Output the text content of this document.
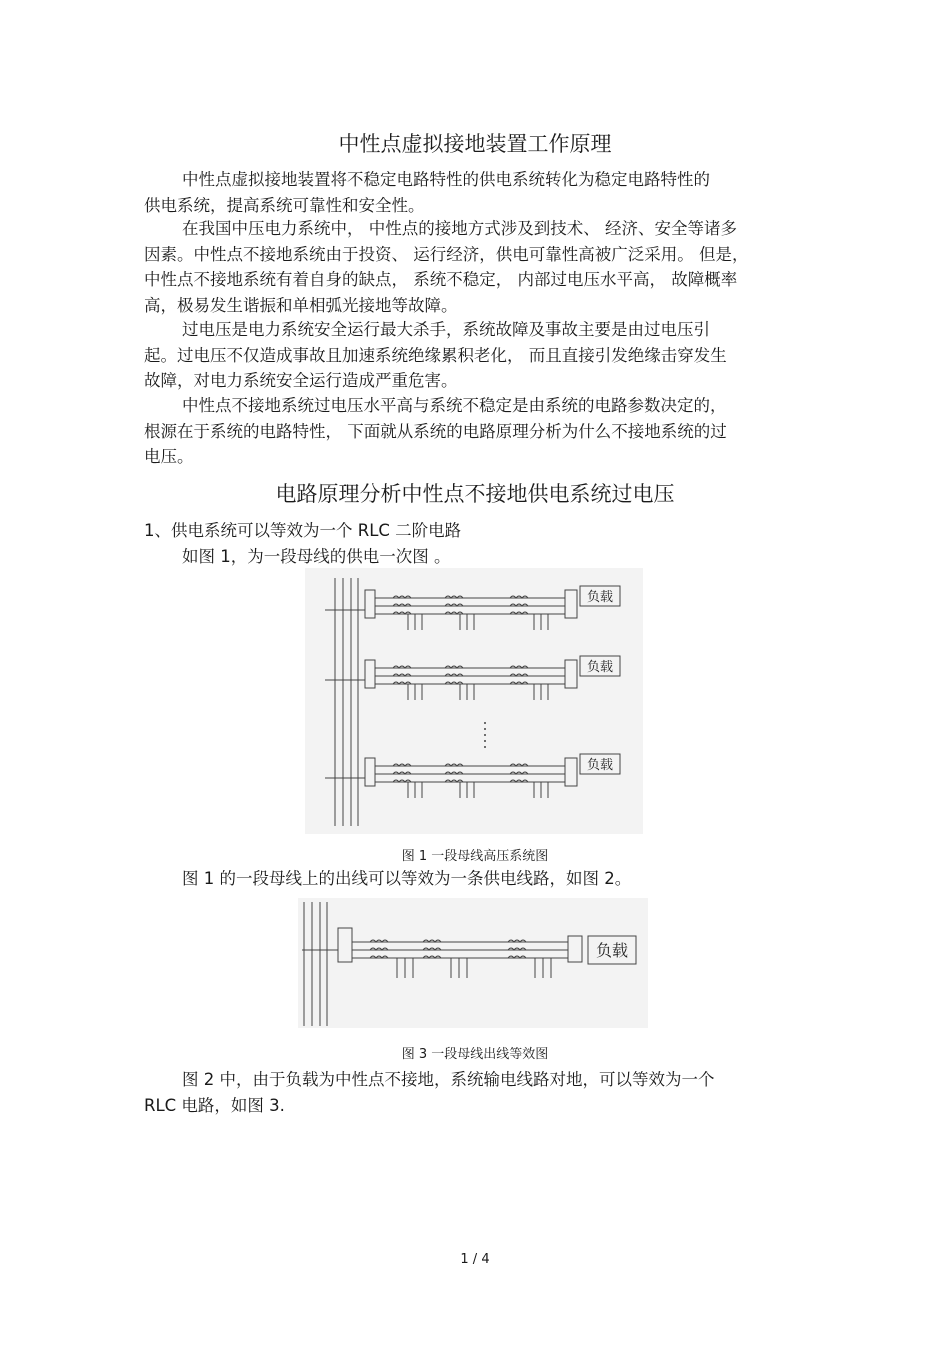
中性点虚拟接地装置工作原理

中性点虚拟接地装置将不稳定电路特性的供电系统转化为稳定电路特性的
供电系统，提高系统可靠性和安全性。

在我国中压电力系统中， 中性点的接地方式涉及到技术、 经济、安全等诸多
因素。中性点不接地系统由于投资、 运行经济，供电可靠性高被广泛采用。 但是，
中性点不接地系统有着自身的缺点， 系统不稳定， 内部过电压水平高， 故障概率
高，极易发生谐振和单相弧光接地等故障。

过电压是电力系统安全运行最大杀手，系统故障及事故主要是由过电压引
起。过电压不仅造成事故且加速系统绝缘累积老化， 而且直接引发绝缘击穿发生
故障，对电力系统安全运行造成严重危害。

中性点不接地系统过电压水平高与系统不稳定是由系统的电路参数决定的，
根源在于系统的电路特性， 下面就从系统的电路原理分析为什么不接地系统的过
电压。

电路原理分析中性点不接地供电系统过电压

1、供电系统可以等效为一个 RLC 二阶电路
如图 1，为一段母线的供电一次图 。

负载
负载
负载
图 1 一段母线高压系统图

图 1 的一段母线上的出线可以等效为一条供电线路，如图 2。

负载
图 3 一段母线出线等效图

图 2 中，由于负载为中性点不接地，系统输电线路对地，可以等效为一个
RLC 电路，如图 3.

1 / 4
